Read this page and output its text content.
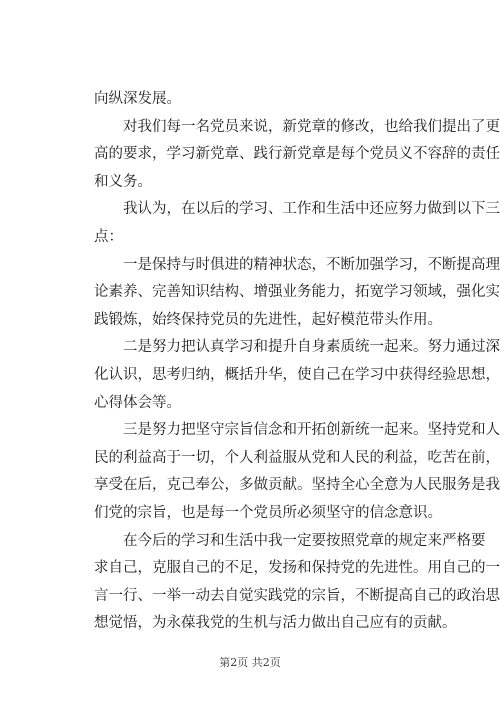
向纵深发展。
对我们每一名党员来说，新党章的修改，也给我们提出了更
高的要求，学习新党章、践行新党章是每个党员义不容辞的责任
和义务。
我认为，在以后的学习、工作和生活中还应努力做到以下三
点：
一是保持与时俱进的精神状态，不断加强学习，不断提高理
论素养、完善知识结构、增强业务能力，拓宽学习领域，强化实
践锻炼，始终保持党员的先进性，起好模范带头作用。
二是努力把认真学习和提升自身素质统一起来。努力通过深
化认识，思考归纳，概括升华，使自己在学习中获得经验思想，
心得体会等。
三是努力把坚守宗旨信念和开拓创新统一起来。坚持党和人
民的利益高于一切，个人利益服从党和人民的利益，吃苦在前，
享受在后，克己奉公，多做贡献。坚持全心全意为人民服务是我
们党的宗旨，也是每一个党员所必须坚守的信念意识。
在今后的学习和生活中我一定要按照党章的规定来严格要
求自己，克服自己的不足，发扬和保持党的先进性。用自己的一
言一行、一举一动去自觉实践党的宗旨，不断提高自己的政治思
想觉悟，为永葆我党的生机与活力做出自己应有的贡献。
第2页 共2页
